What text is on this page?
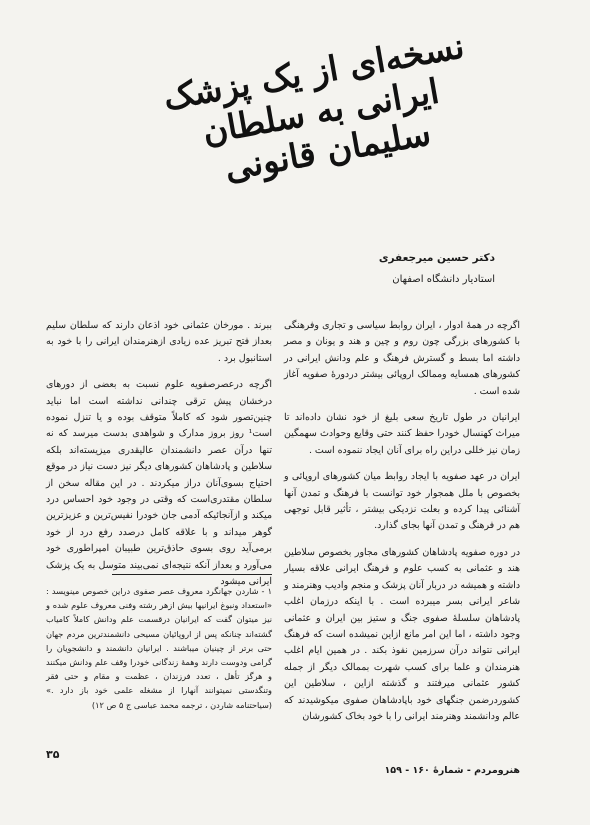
نسخه‌ای از یک پزشک ایرانی به سلطان سلیمان قانونی
دکتر حسین میرجعفری
استادیار دانشگاه اصفهان

اگرچه در همهٔ ادوار ، ایران روابط سیاسی و تجاری وفرهنگی با کشورهای بزرگی چون روم و چین و هند و یونان و مصر داشته اما بسط و گسترش فرهنگ و علم ودانش ایرانی در کشورهای همسایه وممالک اروپائی بیشتر دردورهٔ صفویه آغاز شده است .

ایرانیان در طول تاریخ سعی بلیغ از خود نشان داده‌اند تا میراث کهنسال خودرا حفظ کنند حتی وقایع وحوادث سهمگین زمان نیز خللی دراین راه برای آنان ایجاد ننموده است .

ایران در عهد صفویه با ایجاد روابط میان کشورهای اروپائی و بخصوص با ملل همجوار خود توانست با فرهنگ و تمدن آنها آشنائی پیدا کرده و بعلت نزدیکی بیشتر ، تأثیر قابل توجهی هم در فرهنگ و تمدن آنها بجای گذارد.

در دوره صفویه پادشاهان کشورهای مجاور بخصوص سلاطین هند و عثمانی به کسب علوم و فرهنگ ایرانی علاقه بسیار داشته و همیشه در دربار آنان پزشک و منجم وادیب وهنرمند و شاعر ایرانی بسر میبرده است . با اینکه درزمان اغلب پادشاهان سلسلهٔ صفوی جنگ و ستیز بین ایران و عثمانی وجود داشته ، اما این امر مانع ازاین نمیشده است که فرهنگ ایرانی نتواند درآن سرزمین نفوذ بکند . در همین ایام اغلب هنرمندان و علما برای کسب شهرت بممالک دیگر از جمله کشور عثمانی میرفتند و گذشته ازاین ، سلاطین این کشوردرضمن جنگهای خود باپادشاهان صفوی میکوشیدند که عالم ودانشمند وهنرمند ایرانی را با خود بخاک کشورشان

ببرند . مورخان عثمانی خود اذعان دارند که سلطان سلیم بعداز فتح تبریز عده زیادی ازهنرمندان ایرانی را با خود به استانبول برد .

اگرچه درعصرصفویه علوم نسبت به بعضی از دورهای درخشان پیش ترقی چندانی نداشته است اما نباید چنین‌تصور شود که کاملاً متوقف بوده و یا تنزل نموده است¹ روز بروز مدارک و شواهدی بدست میرسد که نه تنها درآن عصر دانشمندان عالیقدری میزیسته‌اند بلکه سلاطین و پادشاهان کشورهای دیگر نیز دست نیاز در موقع احتیاج بسوی‌آنان دراز میکردند . در این مقاله سخن از سلطان مقتدری‌است که وقتی در وجود خود احساس درد میکند و ازآنجائیکه آدمی جان خودرا نفیس‌ترین و عزیزترین گوهر میداند و با علاقه کامل درصدد رفع درد از خود برمی‌آید روی بسوی حاذق‌ترین طبیبان امپراطوری خود می‌آورد و بعداز آنکه نتیجه‌ای نمی‌بیند متوسل به یک پزشک ایرانی میشود

۱ - شاردن جهانگرد معروف عصر صفوی دراین خصوص مینویسد : «استعداد ونبوغ ایرانیها بیش ازهر رشته وفنی معروف علوم شده و نیز میتوان گفت که ایرانیان درقسمت علم ودانش کاملاً کامیاب گشته‌اند چنانکه پس از اروپائیان مسیحی دانشمندترین مردم جهان حتی برتر از چینیان میباشند . ایرانیان دانشمند و دانشجویان را گرامی ودوست دارند وهمهٔ زندگانی خودرا وقف علم ودانش میکنند و هرگز تأهل ، تعدد فرزندان ، عظمت و مقام و حتی فقر وتنگدستی نمیتوانند آنهارا از مشغله علمی خود باز دارد .» (سیاحتنامه شاردن ، ترجمه محمد عباسی ج ۵ ص ۱۲)

۳۵
هنرومردم - شمارهٔ ۱۶۰ - ۱۵۹
